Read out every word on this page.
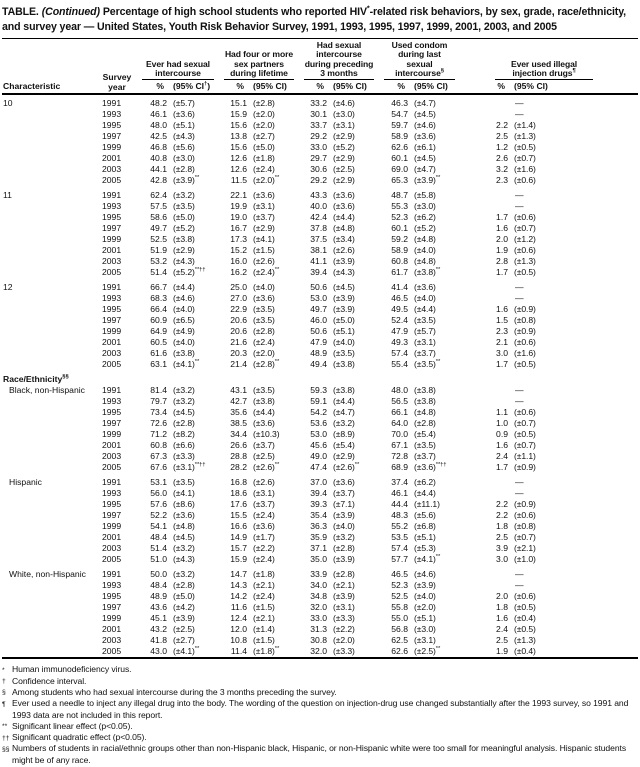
TABLE. (Continued) Percentage of high school students who reported HIV*-related risk behaviors, by sex, grade, race/ethnicity, and survey year — United States, Youth Risk Behavior Survey, 1991, 1993, 1995, 1997, 1999, 2001, 2003, and 2005
Characteristic	Survey year	Ever had sexual intercourse		Had four or more sex partners during lifetime		Had sexual intercourse during preceding 3 months		Used condom during last sexual intercourse§		Ever used illegal injection drugs¶

		%	(95% CI†)	%	(95% CI)	%	(95% CI)	%	(95% CI)	%	(95% CI)

10	1991	48.2	(±5.7)	15.1	(±2.8)	33.2	(±4.6)	46.3	(±4.7)	—	
	1993	46.1	(±3.6)	15.9	(±2.0)	30.1	(±3.0)	54.7	(±4.5)	—	
	1995	48.0	(±5.1)	15.6	(±2.0)	33.7	(±3.1)	59.7	(±4.6)	2.2	(±1.4)
	1997	42.5	(±4.3)	13.8	(±2.7)	29.2	(±2.9)	58.9	(±3.6)	2.5	(±1.3)
	1999	46.8	(±5.6)	15.6	(±5.0)	33.0	(±5.2)	62.6	(±6.1)	1.2	(±0.5)
	2001	40.8	(±3.0)	12.6	(±1.8)	29.7	(±2.9)	60.1	(±4.5)	2.6	(±0.7)
	2003	44.1	(±2.8)	12.6	(±2.4)	30.6	(±2.5)	69.0	(±4.7)	3.2	(±1.6)
	2005	42.8	(±3.9)**	11.5	(±2.0)**	29.2	(±2.9)	65.3	(±3.9)**	2.3	(±0.6)

11	1991	62.4	(±3.2)	22.1	(±3.6)	43.3	(±3.6)	48.7	(±5.8)	—	
	1993	57.5	(±3.5)	19.9	(±3.1)	40.0	(±3.6)	55.3	(±3.0)	—	
	1995	58.6	(±5.0)	19.0	(±3.7)	42.4	(±4.4)	52.3	(±6.2)	1.7	(±0.6)
	1997	49.7	(±5.2)	16.7	(±2.9)	37.8	(±4.8)	60.1	(±5.2)	1.6	(±0.7)
	1999	52.5	(±3.8)	17.3	(±4.1)	37.5	(±3.4)	59.2	(±4.8)	2.0	(±1.2)
	2001	51.9	(±2.9)	15.2	(±1.5)	38.1	(±2.6)	58.9	(±4.0)	1.9	(±0.6)
	2003	53.2	(±4.3)	16.0	(±2.6)	41.1	(±3.9)	60.8	(±4.8)	2.8	(±1.3)
	2005	51.4	(±5.2)**††	16.2	(±2.4)**	39.4	(±4.3)	61.7	(±3.8)**	1.7	(±0.5)

12	1991	66.7	(±4.4)	25.0	(±4.0)	50.6	(±4.5)	41.4	(±3.6)	—	
	1993	68.3	(±4.6)	27.0	(±3.6)	53.0	(±3.9)	46.5	(±4.0)	—	
	1995	66.4	(±4.0)	22.9	(±3.5)	49.7	(±3.9)	49.5	(±4.4)	1.6	(±0.9)
	1997	60.9	(±6.5)	20.6	(±3.5)	46.0	(±5.0)	52.4	(±3.5)	1.5	(±0.8)
	1999	64.9	(±4.9)	20.6	(±2.8)	50.6	(±5.1)	47.9	(±5.7)	2.3	(±0.9)
	2001	60.5	(±4.0)	21.6	(±2.4)	47.9	(±4.0)	49.3	(±3.1)	2.1	(±0.6)
	2003	61.6	(±3.8)	20.3	(±2.0)	48.9	(±3.5)	57.4	(±3.7)	3.0	(±1.6)
	2005	63.1	(±4.1)**	21.4	(±2.8)**	49.4	(±3.8)	55.4	(±3.5)**	1.7	(±0.5)

Race/Ethnicity§§
Black, non-Hispanic	1991	81.4	(±3.2)	43.1	(±3.5)	59.3	(±3.8)	48.0	(±3.8)	—	
	1993	79.7	(±3.2)	42.7	(±3.8)	59.1	(±4.4)	56.5	(±3.8)	—	
	1995	73.4	(±4.5)	35.6	(±4.4)	54.2	(±4.7)	66.1	(±4.8)	1.1	(±0.6)
	1997	72.6	(±2.8)	38.5	(±3.6)	53.6	(±3.2)	64.0	(±2.8)	1.0	(±0.7)
	1999	71.2	(±8.2)	34.4	(±10.3)	53.0	(±8.9)	70.0	(±5.4)	0.9	(±0.5)
	2001	60.8	(±6.6)	26.6	(±3.7)	45.6	(±5.4)	67.1	(±3.5)	1.6	(±0.7)
	2003	67.3	(±3.3)	28.8	(±2.5)	49.0	(±2.9)	72.8	(±3.7)	2.4	(±1.1)
	2005	67.6	(±3.1)**††	28.2	(±2.6)**	47.4	(±2.6)**	68.9	(±3.6)**††	1.7	(±0.9)

Hispanic	1991	53.1	(±3.5)	16.8	(±2.6)	37.0	(±3.6)	37.4	(±6.2)	—	
	1993	56.0	(±4.1)	18.6	(±3.1)	39.4	(±3.7)	46.1	(±4.4)	—	
	1995	57.6	(±8.6)	17.6	(±3.7)	39.3	(±7.1)	44.4	(±11.1)	2.2	(±0.9)
	1997	52.2	(±3.6)	15.5	(±2.4)	35.4	(±3.9)	48.3	(±5.6)	2.2	(±0.6)
	1999	54.1	(±4.8)	16.6	(±3.6)	36.3	(±4.0)	55.2	(±6.8)	1.8	(±0.8)
	2001	48.4	(±4.5)	14.9	(±1.7)	35.9	(±3.2)	53.5	(±5.1)	2.5	(±0.7)
	2003	51.4	(±3.2)	15.7	(±2.2)	37.1	(±2.8)	57.4	(±5.3)	3.9	(±2.1)
	2005	51.0	(±4.3)	15.9	(±2.4)	35.0	(±3.9)	57.7	(±4.1)**	3.0	(±1.0)

White, non-Hispanic	1991	50.0	(±3.2)	14.7	(±1.8)	33.9	(±2.8)	46.5	(±4.6)	—	
	1993	48.4	(±2.8)	14.3	(±2.1)	34.0	(±2.1)	52.3	(±3.9)	—	
	1995	48.9	(±5.0)	14.2	(±2.4)	34.8	(±3.9)	52.5	(±4.0)	2.0	(±0.6)
	1997	43.6	(±4.2)	11.6	(±1.5)	32.0	(±3.1)	55.8	(±2.0)	1.8	(±0.5)
	1999	45.1	(±3.9)	12.4	(±2.1)	33.0	(±3.3)	55.0	(±5.1)	1.6	(±0.4)
	2001	43.2	(±2.5)	12.0	(±1.4)	31.3	(±2.2)	56.8	(±3.0)	2.4	(±0.5)
	2003	41.8	(±2.7)	10.8	(±1.5)	30.8	(±2.0)	62.5	(±3.1)	2.5	(±1.3)
	2005	43.0	(±4.1)**	11.4	(±1.8)**	32.0	(±3.3)	62.6	(±2.5)**	1.9	(±0.4)
* Human immunodeficiency virus.
† Confidence interval.
§ Among students who had sexual intercourse during the 3 months preceding the survey.
¶ Ever used a needle to inject any illegal drug into the body. The wording of the question on injection-drug use changed substantially after the 1993 survey, so 1991 and 1993 data are not included in this report.
** Significant linear effect (p<0.05).
†† Significant quadratic effect (p<0.05).
§§ Numbers of students in racial/ethnic groups other than non-Hispanic black, Hispanic, or non-Hispanic white were too small for meaningful analysis. Hispanic students might be of any race.
